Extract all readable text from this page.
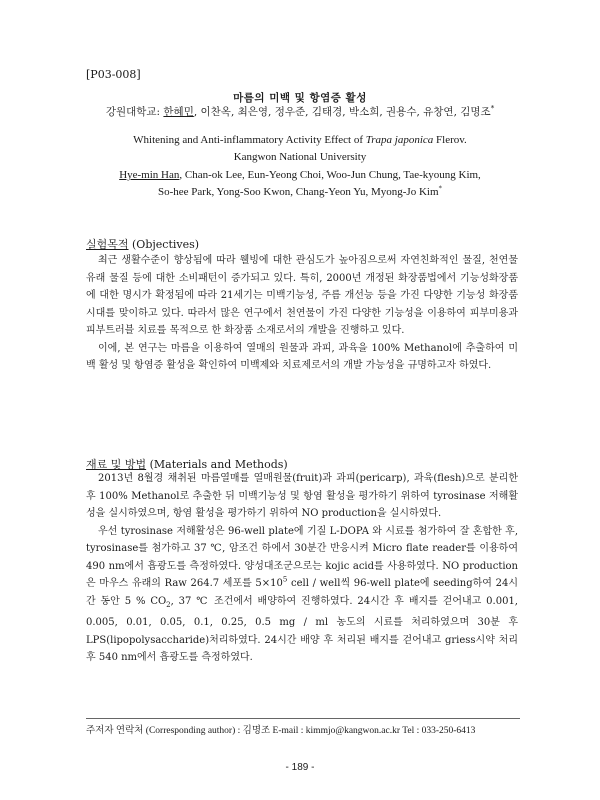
[P03-008]
마름의 미백 및 항염증 활성
강원대학교: 한혜민, 이찬옥, 최은영, 정우준, 김태경, 박소희, 권용수, 유창연, 김명조*
Whitening and Anti-inflammatory Activity Effect of Trapa japonica Flerov.
Kangwon National University
Hye-min Han, Chan-ok Lee, Eun-Yeong Choi, Woo-Jun Chung, Tae-kyoung Kim,
So-hee Park, Yong-Soo Kwon, Chang-Yeon Yu, Myong-Jo Kim*
실험목적 (Objectives)

최근 생활수준이 향상됨에 따라 웰빙에 대한 관심도가 높아짐으로써 자연친화적인 물질, 천연물 유래 물질 등에 대한 소비패턴이 증가되고 있다. 특히, 2000년 개정된 화장품법에서 기능성화장품에 대한 명시가 확정됨에 따라 21세기는 미백기능성, 주름 개선능 등을 가진 다양한 기능성 화장품 시대를 맞이하고 있다. 따라서 많은 연구에서 천연물이 가진 다양한 기능성을 이용하여 피부미용과 피부트러블 치료를 목적으로 한 화장품 소재로서의 개발을 진행하고 있다.

이에, 본 연구는 마름을 이용하여 열매의 원물과 과피, 과육을 100% Methanol에 추출하여 미백 활성 및 항염증 활성을 확인하여 미백제와 치료제로서의 개발 가능성을 규명하고자 하였다.

재료 및 방법 (Materials and Methods)

2013년 8월경 채취된 마름열매를 열매원물(fruit)과 과피(pericarp), 과육(flesh)으로 분리한 후 100% Methanol로 추출한 뒤 미백기능성 및 항염 활성을 평가하기 위하여 tyrosinase 저해활성을 실시하였으며, 항염 활성을 평가하기 위하여 NO production을 실시하였다.

우선 tyrosinase 저해활성은 96-well plate에 기질 L-DOPA 와 시료를 첨가하여 잘 혼합한 후, tyrosinase를 첨가하고 37 ℃, 암조건 하에서 30분간 반응시켜 Micro flate reader를 이용하여 490 nm에서 흡광도를 측정하였다. 양성대조군으로는 kojic acid를 사용하였다. NO production은 마우스 유래의 Raw 264.7 세포를 $5\times 10^5$ cell / well씩 96-well plate에 seeding하여 24시간 동안 5 % $CO_2$, 37 ℃ 조건에서 배양하여 진행하였다. 24시간 후 배지를 걷어내고 0.001, 0.005, 0.01, 0.05, 0.1, 0.25, 0.5 mg / ml 농도의 시료를 처리하였으며 30분 후 LPS(lipopolysaccharide)처리하였다. 24시간 배양 후 처리된 배지를 걷어내고 griess시약 처리 후 540 nm에서 흡광도를 측정하였다.

주저자 연락처 (Corresponding author) : 김명조 E-mail : kimmjo@kangwon.ac.kr Tel : 033-250-6413
- 189 -
